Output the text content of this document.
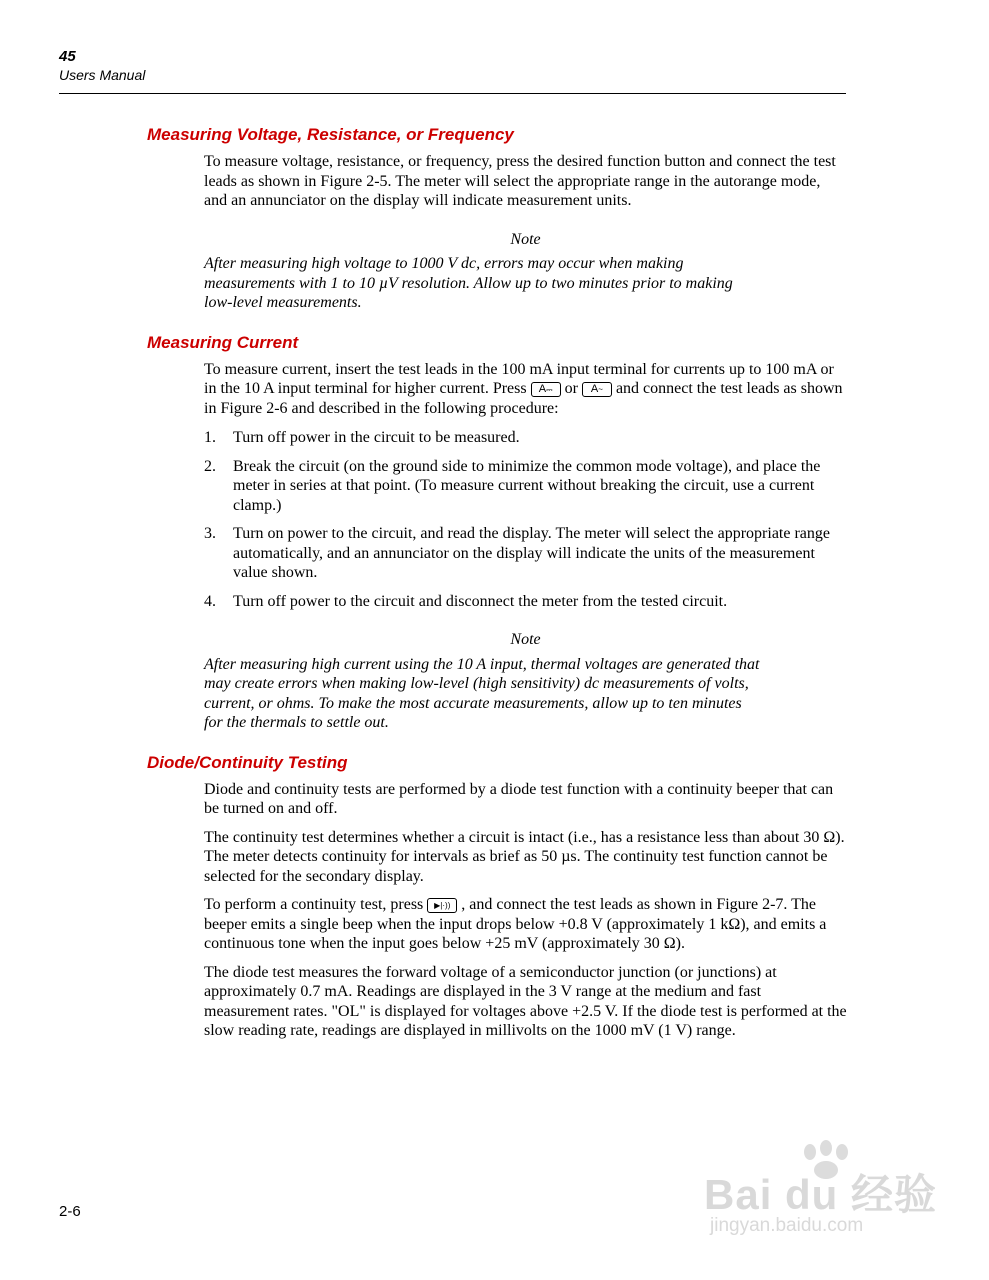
45
Users Manual
Measuring Voltage, Resistance, or Frequency

To measure voltage, resistance, or frequency, press the desired function button and connect the test leads as shown in Figure 2-5. The meter will select the appropriate range in the autorange mode, and an annunciator on the display will indicate measurement units.

Note

After measuring high voltage to 1000 V dc, errors may occur when making measurements with 1 to 10 µV resolution. Allow up to two minutes prior to making low-level measurements.

Measuring Current

To measure current, insert the test leads in the 100 mA input terminal for currents up to 100 mA or in the 10 A input terminal for higher current. Press A⎓ or A~ and connect the test leads as shown in Figure 2-6 and described in the following procedure:

1. Turn off power in the circuit to be measured.
2. Break the circuit (on the ground side to minimize the common mode voltage), and place the meter in series at that point. (To measure current without breaking the circuit, use a current clamp.)
3. Turn on power to the circuit, and read the display. The meter will select the appropriate range automatically, and an annunciator on the display will indicate the units of the measurement value shown.
4. Turn off power to the circuit and disconnect the meter from the tested circuit.

Note

After measuring high current using the 10 A input, thermal voltages are generated that may create errors when making low-level (high sensitivity) dc measurements of volts, current, or ohms. To make the most accurate measurements, allow up to ten minutes for the thermals to settle out.

Diode/Continuity Testing

Diode and continuity tests are performed by a diode test function with a continuity beeper that can be turned on and off.

The continuity test determines whether a circuit is intact (i.e., has a resistance less than about 30 Ω). The meter detects continuity for intervals as brief as 50 µs. The continuity test function cannot be selected for the secondary display.

To perform a continuity test, press ▶|·)) , and connect the test leads as shown in Figure 2-7. The beeper emits a single beep when the input drops below +0.8 V (approximately 1 kΩ), and emits a continuous tone when the input goes below +25 mV (approximately 30 Ω).

The diode test measures the forward voltage of a semiconductor junction (or junctions) at approximately 0.7 mA. Readings are displayed in the 3 V range at the medium and fast measurement rates. "OL" is displayed for voltages above +2.5 V. If the diode test is performed at the slow reading rate, readings are displayed in millivolts on the 1000 mV (1 V) range.

2-6	Bai du 经验
jingyan.baidu.com
